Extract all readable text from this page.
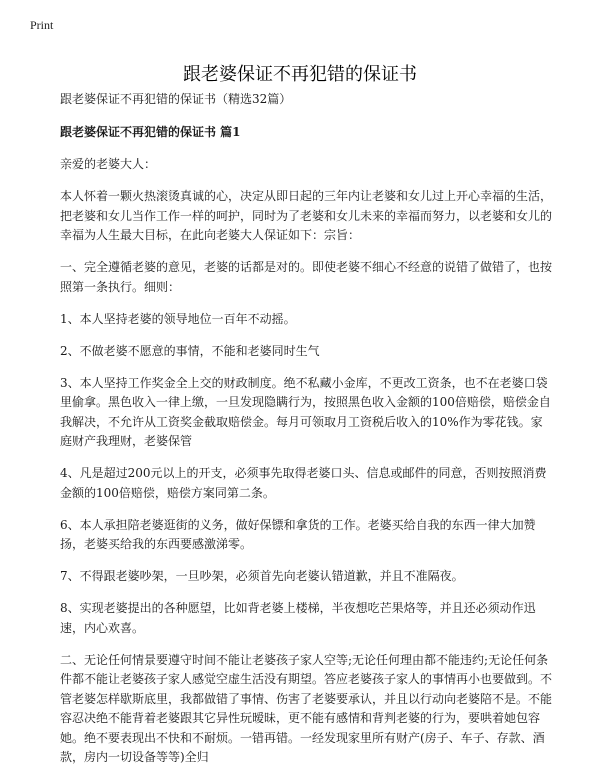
Print
跟老婆保证不再犯错的保证书

跟老婆保证不再犯错的保证书（精选32篇）

跟老婆保证不再犯错的保证书 篇1

亲爱的老婆大人：

本人怀着一颗火热滚烫真诚的心，决定从即日起的三年内让老婆和女儿过上开心幸福的生活，把老婆和女儿当作工作一样的呵护，同时为了老婆和女儿未来的幸福而努力，以老婆和女儿的幸福为人生最大目标，在此向老婆大人保证如下：宗旨：

一、完全遵循老婆的意见，老婆的话都是对的。即使老婆不细心不经意的说错了做错了，也按照第一条执行。细则：

1、本人坚持老婆的领导地位一百年不动摇。

2、不做老婆不愿意的事情，不能和老婆同时生气

3、本人坚持工作奖金全上交的财政制度。绝不私藏小金库，不更改工资条，也不在老婆口袋里偷拿。黑色收入一律上缴，一旦发现隐瞒行为，按照黑色收入金额的100倍赔偿，赔偿金自我解决，不允许从工资奖金截取赔偿金。每月可领取月工资税后收入的10%作为零花钱。家庭财产我理财，老婆保管

4、凡是超过200元以上的开支，必须事先取得老婆口头、信息或邮件的同意，否则按照消费金额的100倍赔偿，赔偿方案同第二条。

6、本人承担陪老婆逛街的义务，做好保镖和拿货的工作。老婆买给自我的东西一律大加赞扬，老婆买给我的东西要感激涕零。

7、不得跟老婆吵架，一旦吵架，必须首先向老婆认错道歉，并且不准隔夜。

8、实现老婆提出的各种愿望，比如背老婆上楼梯，半夜想吃芒果烙等，并且还必须动作迅速，内心欢喜。

二、无论任何情景要遵守时间不能让老婆孩子家人空等;无论任何理由都不能违约;无论任何条件都不能让老婆孩子家人感觉空虚生活没有期望。答应老婆孩子家人的事情再小也要做到。不管老婆怎样歇斯底里，我都做错了事情、伤害了老婆要承认，并且以行动向老婆陪不是。不能容忍决绝不能背着老婆跟其它异性玩暧昧，更不能有感情和背判老婆的行为，要哄着她包容她。绝不要表现出不快和不耐烦。一错再错。一经发现家里所有财产(房子、车子、存款、酒款，房内一切设备等等)全归
